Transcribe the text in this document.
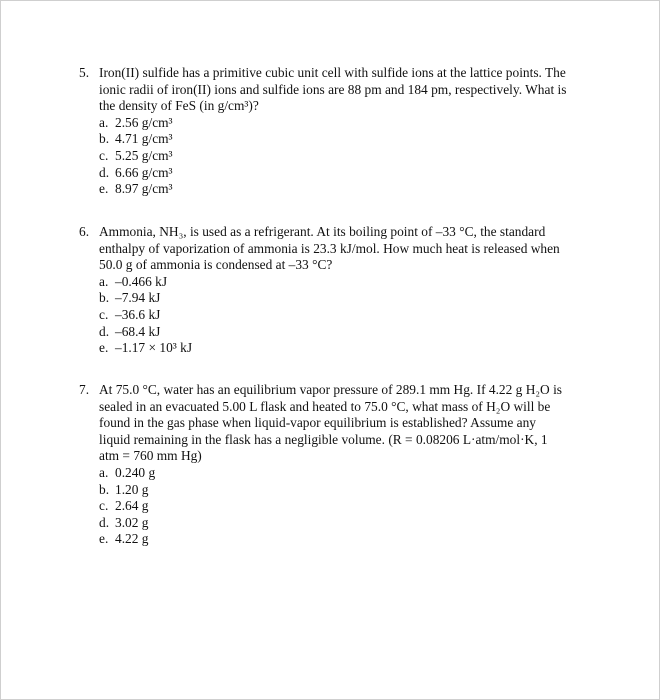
5. Iron(II) sulfide has a primitive cubic unit cell with sulfide ions at the lattice points. The ionic radii of iron(II) ions and sulfide ions are 88 pm and 184 pm, respectively. What is the density of FeS (in g/cm³)?
a. 2.56 g/cm³
b. 4.71 g/cm³
c. 5.25 g/cm³
d. 6.66 g/cm³
e. 8.97 g/cm³
6. Ammonia, NH₃, is used as a refrigerant. At its boiling point of –33 °C, the standard enthalpy of vaporization of ammonia is 23.3 kJ/mol. How much heat is released when 50.0 g of ammonia is condensed at –33 °C?
a. –0.466 kJ
b. –7.94 kJ
c. –36.6 kJ
d. –68.4 kJ
e. –1.17 × 10³ kJ
7. At 75.0 °C, water has an equilibrium vapor pressure of 289.1 mm Hg. If 4.22 g H₂O is sealed in an evacuated 5.00 L flask and heated to 75.0 °C, what mass of H₂O will be found in the gas phase when liquid-vapor equilibrium is established? Assume any liquid remaining in the flask has a negligible volume. (R = 0.08206 L·atm/mol·K, 1 atm = 760 mm Hg)
a. 0.240 g
b. 1.20 g
c. 2.64 g
d. 3.02 g
e. 4.22 g
